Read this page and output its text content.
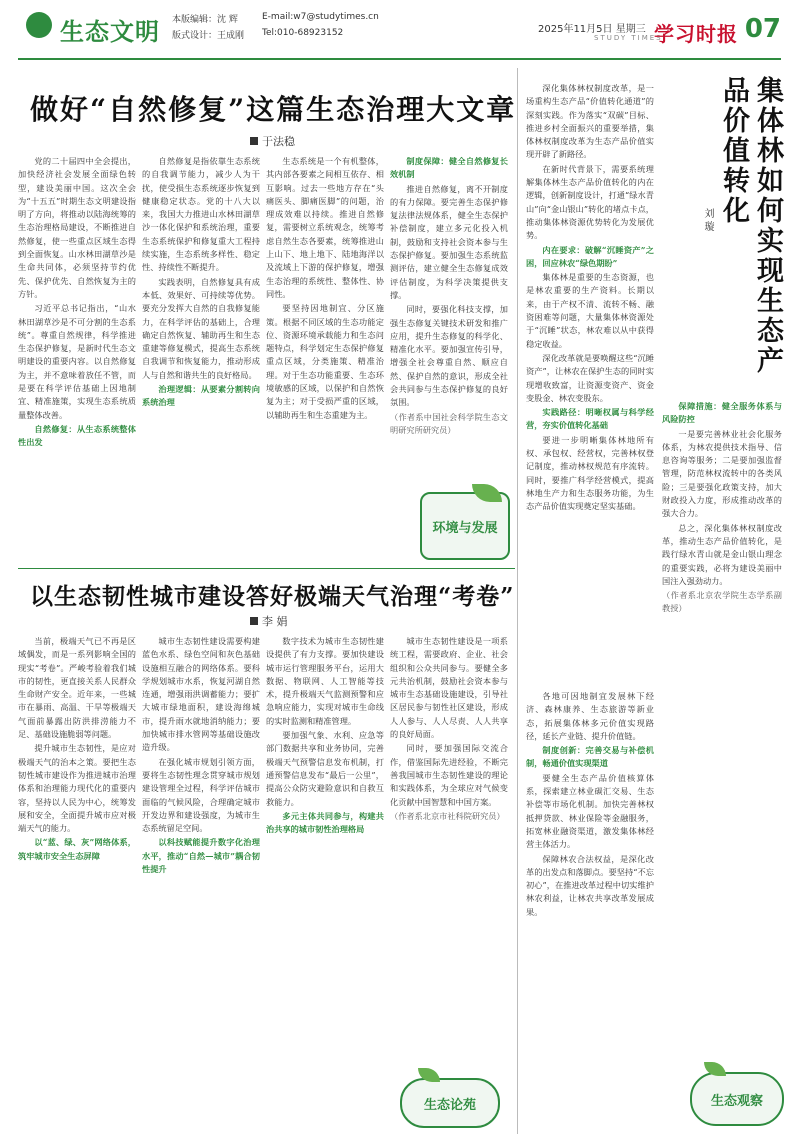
生态文明 本版编辑：沈 辉
版式设计：王成刚
E-mail:w7@studytimes.cn
Tel:010-68923152	2025年11月5日 星期三
STUDY TIMES
学习时报 07
做好“自然修复”这篇生态治理大文章
于法稳

党的二十届四中全会提出，加快经济社会发展全面绿色转型，建设美丽中国。这次全会为“十五五”时期生态文明建设指明了方向，将推动以陆海统筹的生态治理格局建设，不断推进自然修复，使一些重点区域生态得到全面恢复。山水林田湖草沙是生命共同体，必须坚持节约优先、保护优先、自然恢复为主的方针。

习近平总书记指出，“山水林田湖草沙是不可分割的生态系统”。尊重自然规律，科学推进生态保护修复，是新时代生态文明建设的重要内容。以自然修复为主，并不意味着放任不管，而是要在科学评估基础上因地制宜、精准施策，实现生态系统质量整体改善。

自然修复：从生态系统整体性出发

自然修复是指依靠生态系统的自我调节能力，减少人为干扰，使受损生态系统逐步恢复到健康稳定状态。党的十八大以来，我国大力推进山水林田湖草沙一体化保护和系统治理，重要生态系统保护和修复重大工程持续实施，生态系统多样性、稳定性、持续性不断提升。

实践表明，自然修复具有成本低、效果好、可持续等优势。要充分发挥大自然的自我修复能力，在科学评估的基础上，合理确定自然恢复、辅助再生和生态重建等修复模式，提高生态系统自我调节和恢复能力，推动形成人与自然和谐共生的良好格局。

治理逻辑：从要素分割转向系统治理

生态系统是一个有机整体，其内部各要素之间相互依存、相互影响。过去一些地方存在“头痛医头、脚痛医脚”的问题，治理成效难以持续。推进自然修复，需要树立系统观念，统筹考虑自然生态各要素，统筹推进山上山下、地上地下、陆地海洋以及流域上下游的保护修复，增强生态治理的系统性、整体性、协同性。

要坚持因地制宜、分区施策。根据不同区域的生态功能定位、资源环境承载能力和生态问题特点，科学划定生态保护修复重点区域，分类施策、精准治理。对于生态功能重要、生态环境敏感的区域，以保护和自然恢复为主；对于受损严重的区域，以辅助再生和生态重建为主。

制度保障：健全自然修复长效机制

推进自然修复，离不开制度的有力保障。要完善生态保护修复法律法规体系，健全生态保护补偿制度，建立多元化投入机制，鼓励和支持社会资本参与生态保护修复。要加强生态系统监测评估，建立健全生态修复成效评估制度，为科学决策提供支撑。

同时，要强化科技支撑，加强生态修复关键技术研发和推广应用，提升生态修复的科学化、精准化水平。要加强宣传引导，增强全社会尊重自然、顺应自然、保护自然的意识，形成全社会共同参与生态保护修复的良好氛围。

（作者系中国社会科学院生态文明研究所研究员）

环境与发展
以生态韧性城市建设答好极端天气治理“考卷”
李 娟

当前，极端天气已不再是区域偶发，而是一系列影响全国的现实“考卷”。严峻考验着我们城市的韧性，更直接关系人民群众生命财产安全。近年来，一些城市在暴雨、高温、干旱等极端天气面前暴露出防洪排涝能力不足、基础设施脆弱等问题。

提升城市生态韧性，是应对极端天气的治本之策。要把生态韧性城市建设作为推进城市治理体系和治理能力现代化的重要内容，坚持以人民为中心，统筹发展和安全，全面提升城市应对极端天气的能力。

以“蓝、绿、灰”网络体系，筑牢城市安全生态屏障

城市生态韧性建设需要构建蓝色水系、绿色空间和灰色基础设施相互融合的网络体系。要科学规划城市水系，恢复河湖自然连通，增强雨洪调蓄能力；要扩大城市绿地面积，建设海绵城市，提升雨水就地消纳能力；要加快城市排水管网等基础设施改造升级。

在强化城市规划引领方面，要将生态韧性理念贯穿城市规划建设管理全过程，科学评估城市面临的气候风险，合理确定城市开发边界和建设强度，为城市生态系统留足空间。

以科技赋能提升数字化治理水平，推动“自然—城市”耦合韧性提升

数字技术为城市生态韧性建设提供了有力支撑。要加快建设城市运行管理服务平台，运用大数据、物联网、人工智能等技术，提升极端天气监测预警和应急响应能力，实现对城市生命线的实时监测和精准管理。

要加强气象、水利、应急等部门数据共享和业务协同，完善极端天气预警信息发布机制，打通预警信息发布“最后一公里”，提高公众防灾避险意识和自救互救能力。

多元主体共同参与，构建共治共享的城市韧性治理格局

城市生态韧性建设是一项系统工程，需要政府、企业、社会组织和公众共同参与。要健全多元共治机制，鼓励社会资本参与城市生态基础设施建设，引导社区居民参与韧性社区建设，形成人人参与、人人尽责、人人共享的良好局面。

同时，要加强国际交流合作，借鉴国际先进经验，不断完善我国城市生态韧性建设的理论和实践体系，为全球应对气候变化贡献中国智慧和中国方案。

（作者系北京市社科院研究员）

生态论苑
集体林如何实现生态产品价值转化
刘 璇

深化集体林权制度改革，是一场重构生态产品“价值转化通道”的深刻实践。作为落实“双碳”目标、推进乡村全面振兴的重要举措，集体林权制度改革为生态产品价值实现开辟了新路径。

在新时代背景下，需要系统理解集体林生态产品价值转化的内在逻辑，创新制度设计，打通“绿水青山”向“金山银山”转化的堵点卡点，推动集体林资源优势转化为发展优势。

内在要求：破解“沉睡资产”之困，回应林农“绿色期盼”

集体林是重要的生态资源，也是林农重要的生产资料。长期以来，由于产权不清、流转不畅、融资困难等问题，大量集体林资源处于“沉睡”状态，林农难以从中获得稳定收益。

深化改革就是要唤醒这些“沉睡资产”，让林农在保护生态的同时实现增收致富，让资源变资产、资金变股金、林农变股东。

实践路径：明晰权属与科学经营，夯实价值转化基础

要进一步明晰集体林地所有权、承包权、经营权，完善林权登记制度，推动林权规范有序流转。同时，要推广科学经营模式，提高林地生产力和生态服务功能，为生态产品价值实现奠定坚实基础。

各地可因地制宜发展林下经济、森林康养、生态旅游等新业态，拓展集体林多元价值实现路径，延长产业链、提升价值链。

制度创新：完善交易与补偿机制，畅通价值实现渠道

要健全生态产品价值核算体系，探索建立林业碳汇交易、生态补偿等市场化机制。加快完善林权抵押贷款、林业保险等金融服务，拓宽林业融资渠道，激发集体林经营主体活力。

保障林农合法权益，是深化改革的出发点和落脚点。要坚持“不忘初心”，在推进改革过程中切实维护林农利益，让林农共享改革发展成果。

保障措施：健全服务体系与风险防控

一是要完善林业社会化服务体系，为林农提供技术指导、信息咨询等服务；二是要加强监督管理，防范林权流转中的各类风险；三是要强化政策支持，加大财政投入力度，形成推动改革的强大合力。

总之，深化集体林权制度改革，推动生态产品价值转化，是践行绿水青山就是金山银山理念的重要实践，必将为建设美丽中国注入强劲动力。

（作者系北京农学院生态学系副教授）

生态观察
